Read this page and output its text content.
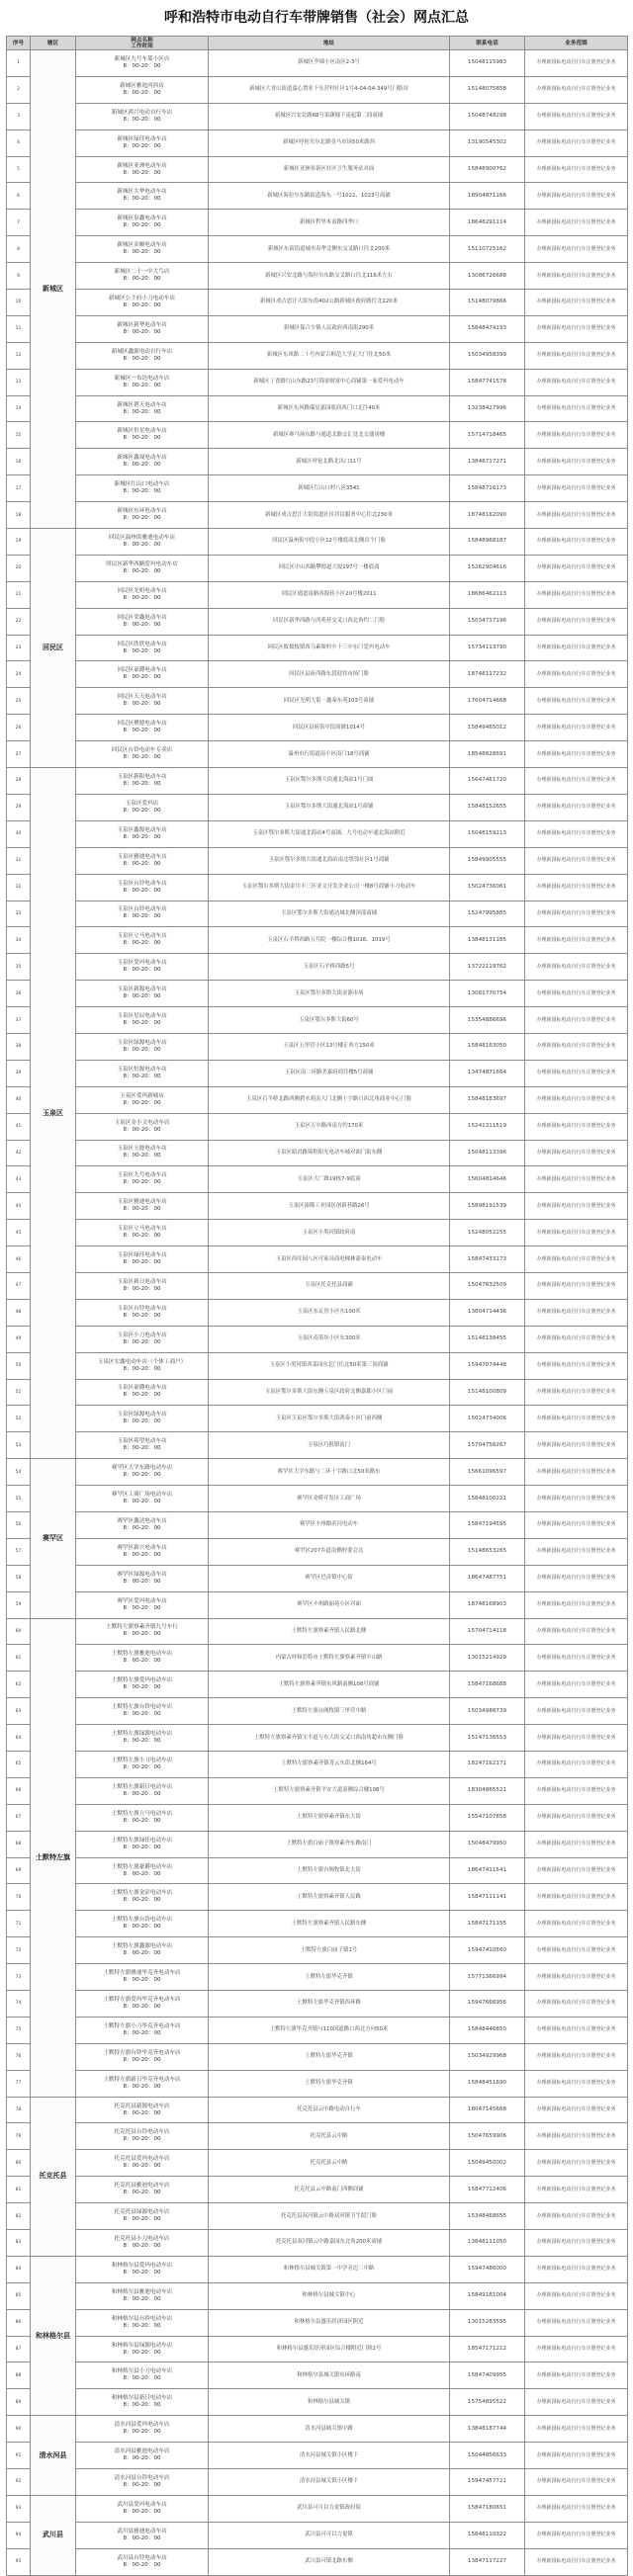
呼和浩特市电动自行车带牌销售（社会）网点汇总
序号	辖区	网点名称
工作时间	地址	联系电话	业务范围
1	新城区	新城区九号车篮小区店
8：00-20：00	新城区李墙小区南区2-3号	15048115983	办理新国标电动自行车注册登记业务
2		新城区雅迪河西店
8：00-20：00	新城区大青山街道嘉心置业下东营村社区1号4-04-04-349号门脸房	15148075858	办理新国标电动自行车注册登记业务
3		新城区鸿兴电动自行车店
8：00-20：00	新城区兴安北路68号果蔬城下南起第二间商铺	15048748298	办理新国标电动自行车注册登记业务
4		新城区绿佳电动车店
8：00-20：00	新城区呼伦贝尔北路金马市场50米路西	13190545302	办理新国标电动自行车注册登记业务
5		新城区亚洲电动车店
8：00-20：00	新城区亚洲景新区社区卫生服务站对面	15848900762	办理新国标电动自行车注册登记业务
6		新城区大华电动车店
8：00-20：00	新城区海拉尔东路街道海东一号1022、1023号商铺	18904871166	办理新国标电动自行车注册登记业务
7		新城区泉鑫电动车店
8：00-20：00	新城区哲里木南路四季口	18648291114	办理新国标电动自行车注册登记业务
8		新城区金顺电动车店
8：00-20：00	新城区东街街道城市春华北侧东交叉路口往北200米	15110725162	办理新国标电动自行车注册登记业务
9		新城区二十一中大鸟店
8：00-20：00	新城区兴安北路与海拉尔东路交叉路口往北116米左右	13086726688	办理新国标电动自行车注册登记业务
10		新城区公主府小刀电动车店
8：00-20：00	新城区成吉思汗大街东街402公路新城区政府路往北220米	15148079866	办理新国标电动自行车注册登记业务
11		新城区新华电动车店
8：00-20：00	新城区保合少镇人民政府西南街290米	15848474193	办理新国标电动自行车注册登记业务
12		新城区鑫源电动自行车店
8：00-20：00	新城区东风路二十号内蒙古师范大学正大门往北50米	15034958399	办理新国标电动自行车注册登记业务
13		新城区一布达电动车店
8：00-20：00	新城区丁香路红山东路23号锦童财富中心商铺第一家爱玛电动车	15847741578	办理新国标电动自行车注册登记业务
14		新城区碧天电动车店
8：00-20：00	新城区东风路瑞星嘉园底商西门口北往40米	13238427996	办理新国标电动自行车注册登记业务
15		新城区恒星电动车店
8：00-20：00	新城区赛马场东路与通道北路交汇处北交通岗楼	15714718465	办理新国标电动自行车注册登记业务
16		新城区鑫晟电动车店
8：00-20：00	新城区呼伦北路北出口11号	13848717271	办理新国标电动自行车注册登记业务
17		新城区红山口电动车店
8：00-20：00	新城区红山口村八区3541	15848716173	办理新国标电动自行车注册登记业务
18		新城区东环电动车店
8：00-20：00	新城区成吉思汗大街街道社区居民服务中心往北230米	18748162090	办理新国标电动自行车注册登记业务
19	回民区	回民区温州街雅迪电动车店
8：00-20：00	回民区温州街中段小区12号楼底商北侧首个门脸	15848968187	办理新国标电动自行车注册登记业务
20		回民区新华西路爱玛电动车店
8：00-20：00	回民区中山西路攀德道大厦197号一楼底商	15262904616	办理新国标电动自行车注册登记业务
21		回民区光明电动车店
8：00-20：00	回民区通道南路西源巷小区20号楼2011	18686462113	办理新国标电动自行车注册登记业务
22		回民区荣鑫电动车店
8：00-20：00	回民区新华西路与西苑巷交叉口西北角约二门脸	15034717196	办理新国标电动自行车注册登记业务
23		回民区欣欣电动车店
8：00-20：00	回民区攸攸板镇西乌素图村中十三中东门爱玛电动车	15734113790	办理新国标电动自行车注册登记业务
24		回民区豪爵电动车店
8：00-20：00	回民区县府西路东段迎宾市场门脸	18748117232	办理新国标电动自行车注册登记业务
25		回民区天天电动车店
8：00-20：00	回民区光明大街一鑫泰东苑103号商铺	17604714668	办理新国标电动自行车注册登记业务
26		回民区聚德电动车店
8：00-20：00	回民区县府街中段商铺1014号	15849465012	办理新国标电动自行车注册登记业务
27		回民区台铃电动车专卖店
8：00-20：00	温州市行街道南小区南门18号商铺	18548628691	办理新国标电动自行车注册登记业务
28	玉泉区	玉泉区新阳电动车店
8：00-20：00	玉泉区鄂尔多斯大街通北海站1号门面	15647461720	办理新国标电动自行车注册登记业务
29		玉泉区爱玛店
8：00-20：00	玉泉区鄂尔多斯大街通北海站1号商铺	15848152655	办理新国标电动自行车注册登记业务
30		玉泉区鑫源电动车店
8：00-20：00	玉泉区鄂尔多斯大街通北海站4号商铺，九号电动车通北海站附近	15048159213	办理新国标电动自行车注册登记业务
31		玉泉区雅迪电动车店
8：00-20：00	玉泉区鄂尔多斯大街通北海站南北鄂邻社区1号商铺	15849905555	办理新国标电动自行车注册登记业务
32		玉泉区台铃电动车店
8：00-20：00	玉泉区鄂尔多斯大街金川丰三区亚文开发企业公司一楼8号商铺小刀电动车	15024736061	办理新国标电动自行车注册登记业务
33		玉泉区台铃电动车店
8：00-20：00	玉泉区鄂尔多斯大街通达城北侧顶部商铺	15247995885	办理新国标电动自行车注册登记业务
34		玉泉区立马电动车店
8：00-20：00	玉泉区石羊桥西路五号院一楼综合楼1016、1019号	13848131185	办理新国标电动自行车注册登记业务
35		玉泉区爱玛电动车店
8：00-20：00	玉泉区石羊桥西路5号	13722119762	办理新国标电动自行车注册登记业务
36		玉泉区新源电动车店
8：00-20：00	玉泉区鄂尔多斯大街金源市场	13081770754	办理新国标电动自行车注册登记业务
37		玉泉区星辰电动车店
8：00-20：00	玉泉区鄂尔多斯大街60号	15354886696	办理新国标电动自行车注册登记业务
38		玉泉区绿源电动车店
8：00-20：00	玉泉区五里营小区13号楼正西方150米	15848163050	办理新国标电动自行车注册登记业务
39		玉泉区恒源电动车店
8：00-20：00	玉泉区南二环路美嘉府商住楼5号商铺	13474871664	办理新国标电动自行车注册登记业务
40		玉泉区爱玛新城店
8：00-20：00	玉泉区石羊桥北路西侧碧水苑南大门北侧十字路口西北角商业中心门脸	15848183697	办理新国标电动自行车注册登记业务
41		玉泉区金小文电动车店
8：00-20：00	玉泉区五中路西南方约170米	15241311519	办理新国标电动自行车注册登记业务
42		玉泉区天能电动车店
8：00-20：00	玉泉区昭君路锦程阳光电动车城对面门街东側	15048113396	办理新国标电动自行车注册登记业务
43		玉泉区九号电动车店
8：00-20：00	玉泉区大厂路19栋7-9底商	15604814646	办理新国标电动自行车注册登记业务
44		玉泉区雅迪电动车店
8：00-20：00	玉泉区裕隆工业园区创新巷路26号	15898191539	办理新国标电动自行车注册登记业务
45		玉泉区立马电动车店
8：00-20：00	玉泉区小黑河镇政府南	15248052255	办理新国标电动自行车注册登记业务
46		玉泉区绿佳电动车店
8：00-20：00	玉泉区西库园八区可家具商电梯林豪泰电动车	15847433173	办理新国标电动自行车注册登记业务
47		玉泉区新日电动车店
8：00-20：00	玉泉区托克托县商铺	15047632509	办理新国标电动自行车注册登记业务
48		玉泉区台铃电动车店
8：00-20：00	玉泉区东瓦窑小区东100米	13804714436	办理新国标电动自行车注册登记业务
49		玉泉区小刀电动车店
8：00-20：00	玉泉区南茶坊小区东300米	15148138455	办理新国标电动自行车注册登记业务
50		玉泉区宏鑫电动车店（个体工商户）
8：00-20：00	玉泉区小黑河镇西菜园东北门往北50米第三间商铺	15947074448	办理新国标电动自行车注册登记业务
51		玉泉区豪爵电动车店
8：00-20：00	玉泉区鄂尔多斯大街东侧玉泉区政府北侧嘉郡小区门前	15148100809	办理新国标电动自行车注册登记业务
52		玉泉区绿源电动车店
8：00-20：00	玉泉区玉泉区鄂尔多斯大街鸿泰小区门前西侧	15024734006	办理新国标电动自行车注册登记业务
53		玉泉区希望电动车店
8：00-20：00	玉泉区巧报镇南门	15704756267	办理新国标电动自行车注册登记业务
54	赛罕区	赛罕区大学东路电动车店
8：00-20：00	赛罕区大学东路与二环十字路口北50米路东	15661096597	办理新国标电动自行车注册登记业务
55		赛罕区工商广场电动车店
8：00-20：00	赛罕区金桥开发区工商广场	15848100221	办理新国标电动自行车注册登记业务
56		赛罕区鑫达电动车店
8：00-20：00	赛罕区丰州路滨河电动车	15847194595	办理新国标电动自行车注册登记业务
57		赛罕区新兴电动车店
8：00-20：00	赛罕区207乡道南侧村委会北	15148653265	办理新国标电动自行车注册登记业务
58		赛罕区绿源电动车店
8：00-20：00	赛罕区巴彦镇中心街	18647487751	办理新国标电动自行车注册登记业务
59		赛罕区爱玛电动车店
8：00-20：00	赛罕区丰州路丽苑小区对面	18748168903	办理新国标电动自行车注册登记业务
60	土默特左旗	土默特左旗察素齐镇九号车行
8：00-20：00	土默特左旗察素齐镇人民路北侧	15704714118	办理新国标电动自行车注册登记业务
61		土默特左旗雅迪电动车店
8：00-20：00	内蒙古呼和浩特市土默特左旗察素齐镇中山路	13015214929	办理新国标电动自行车注册登记业务
62		土默特左旗爱玛电动车店
8：00-20：00	土默特左旗察素齐镇东风路南侧108号商铺	15847168688	办理新国标电动自行车注册登记业务
63		土默特左旗台铃电动车店
8：00-20：00	土默特左旗台阁牧镇三里营中路	15034986739	办理新国标电动自行车注册登记业务
64		土默特左旗绿源电动车店
8：00-20：00	土默特左旗察素齐镇宝丰道与东大街交叉口西南角超市东侧门脸	15147136553	办理新国标电动自行车注册登记业务
65		土默特左旗小刀电动车店
8：00-20：00	土默特左旗察素齐镇青云东街北侧164号	18247162171	办理新国标电动自行车注册登记业务
66		土默特左旗新日电动车店
8：00-20：00	土默特左旗察素齐镇平安大道南侧综合楼108号	18304865521	办理新国标电动自行车注册登记业务
67		土默特左旗立马电动车店
8：00-20：00	土默特左旗察素齐镇东大街	15547107858	办理新国标电动自行车注册登记业务
68		土默特左旗绿佳电动车店
8：00-20：00	土默特左旗白庙子镇察素齐东路南门	15048479950	办理新国标电动自行车注册登记业务
69		土默特左旗豪爵电动车店
8：00-20：00	土默特左旗台阁牧镇北大街	18647411541	办理新国标电动自行车注册登记业务
70		土默特左旗金彭电动车店
8：00-20：00	土默特左旗察素齐镇人民路	15847111141	办理新国标电动自行车注册登记业务
71		土默特左旗台铃电动车店
8：00-20：00	土默特左旗察素齐镇人民路东侧	15847171155	办理新国标电动自行车注册登记业务
72		土默特左旗鑫源电动车店
8：00-20：00	土默特左旗白庙子镇1号	15947410560	办理新国标电动自行车注册登记业务
73		土默特左旗雅迪毕克齐电动车店
8：00-20：00	土默特左旗毕克齐镇	15771366994	办理新国标电动自行车注册登记业务
74		土默特左旗爱玛毕克齐电动车店
8：00-20：00	土默特左旗毕克齐镇西环路	15947666956	办理新国标电动自行车注册登记业务
75		土默特左旗小刀毕克齐电动车店
8：00-20：00	土默特左旗毕克齐镇与110国道路口西北方向50米	15848446850	办理新国标电动自行车注册登记业务
76		土默特左旗台铃毕克齐电动车店
8：00-20：00	土默特左旗毕克齐镇	15034929968	办理新国标电动自行车注册登记业务
77		土默特左旗新日毕克齐电动车店
8：00-20：00	土默特左旗毕克齐镇	15848451690	办理新国标电动自行车注册登记业务
78	托克托县	托克托县新源电动车店
8：00-20：00	托克托县云中路电动自行车	18047145668	办理新国标电动自行车注册登记业务
79		托克托县台铃电动车店
8：00-20：00	托克托县云中路	15047659906	办理新国标电动自行车注册登记业务
80		托克托县爱玛电动车店
8：00-20：00	托克托县云中路	15049450002	办理新国标电动自行车注册登记业务
81		托克托县雅迪电动车店
8：00-20：00	托克托县云中路南门西侧商铺	15847712406	办理新国标电动自行车注册登记业务
82		托克托县绿源电动车店
8：00-20：00	托克托县双河镇云中路双河镇卫生院门脸	15348468655	办理新国标电动自行车注册登记业务
83		托克托县小刀电动车店
8：00-20：00	托克托县双河镇云中路嘉园东北角200米商铺	13848111050	办理新国标电动自行车注册登记业务
84	和林格尔县	和林格尔县爱玛电动车店
8：00-20：00	和林格尔县城关镇第一中学旁边三中路	15947486000	办理新国标电动自行车注册登记业务
85		和林格尔县雅迪电动车店
8：00-20：00	和林格尔县城关镇中心	15849181004	办理新国标电动自行车注册登记业务
86		和林格尔县台铃电动车店
8：00-20：00	和林格尔县盛乐经济园区附近	13015283555	办理新国标电动自行车注册登记业务
87		和林格尔县绿源电动车店
8：00-20：00	和林格尔县盛乐经济园区综合楼附近门脸2号	18547171212	办理新国标电动自行车注册登记业务
88		和林格尔县小刀电动车店
8：00-20：00	和林格尔县城关镇东环路南	15847409955	办理新国标电动自行车注册登记业务
89		和林格尔县新日电动车店
8：00-20：00	和林格尔县城关镇	15754895522	办理新国标电动自行车注册登记业务
90	清水河县	清水河县爱玛电动车店
8：00-20：00	清水河县城关镇中路	13848187744	办理新国标电动自行车注册登记业务
91		清水河县雅迪电动车店
8：00-20：00	清水河县城关镇小区楼下	15044856633	办理新国标电动自行车注册登记业务
92		清水河县台铃电动车店
8：00-20：00	清水河县城关镇小区楼下	15947457721	办理新国标电动自行车注册登记业务
93	武川县	武川县爱玛电动车店
8：00-20：00	武川县可可以力更镇政府街	15847180651	办理新国标电动自行车注册登记业务
94		武川县雅迪电动车店
8：00-20：00	武川县可可以力更镇	15848110322	办理新国标电动自行车注册登记业务
95		武川县台铃电动车店
8：00-20：00	武川县可镇北路东侧	13847117227	办理新国标电动自行车注册登记业务
